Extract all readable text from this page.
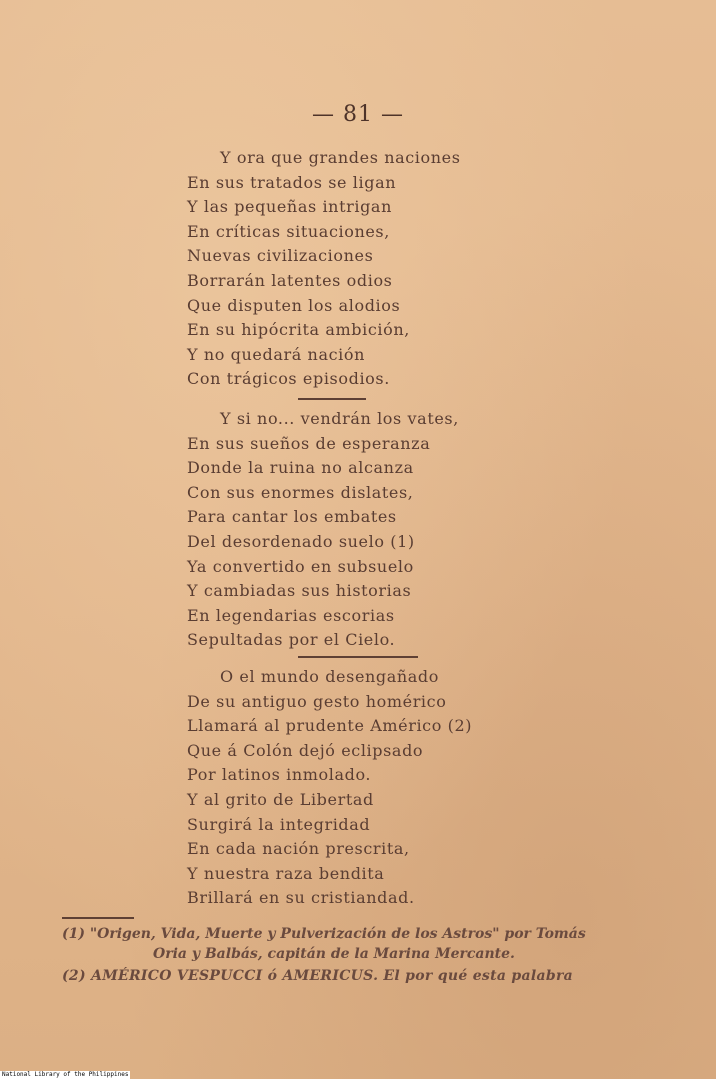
— 81 —
Y ora que grandes naciones
En sus tratados se ligan
Y las pequeñas intrigan
En críticas situaciones,
Nuevas civilizaciones
Borrarán latentes odios
Que disputen los alodios
En su hipócrita ambición,
Y no quedará nación
Con trágicos episodios.
Y si no... vendrán los vates,
En sus sueños de esperanza
Donde la ruina no alcanza
Con sus enormes dislates,
Para cantar los embates
Del desordenado suelo (1)
Ya convertido en subsuelo
Y cambiadas sus historias
En legendarias escorias
Sepultadas por el Cielo.
O el mundo desengañado
De su antiguo gesto homérico
Llamará al prudente Américo (2)
Que á Colón dejó eclipsado
Por latinos inmolado.
Y al grito de Libertad
Surgirá la integridad
En cada nación prescrita,
Y nuestra raza bendita
Brillará en su cristiandad.
(1) "Origen, Vida, Muerte y Pulverización de los Astros" por Tomás
Oria y Balbás, capitán de la Marina Mercante.
(2) AMÉRICO VESPUCCI ó AMERICUS. El por qué esta palabra
National Library of the Philippines
